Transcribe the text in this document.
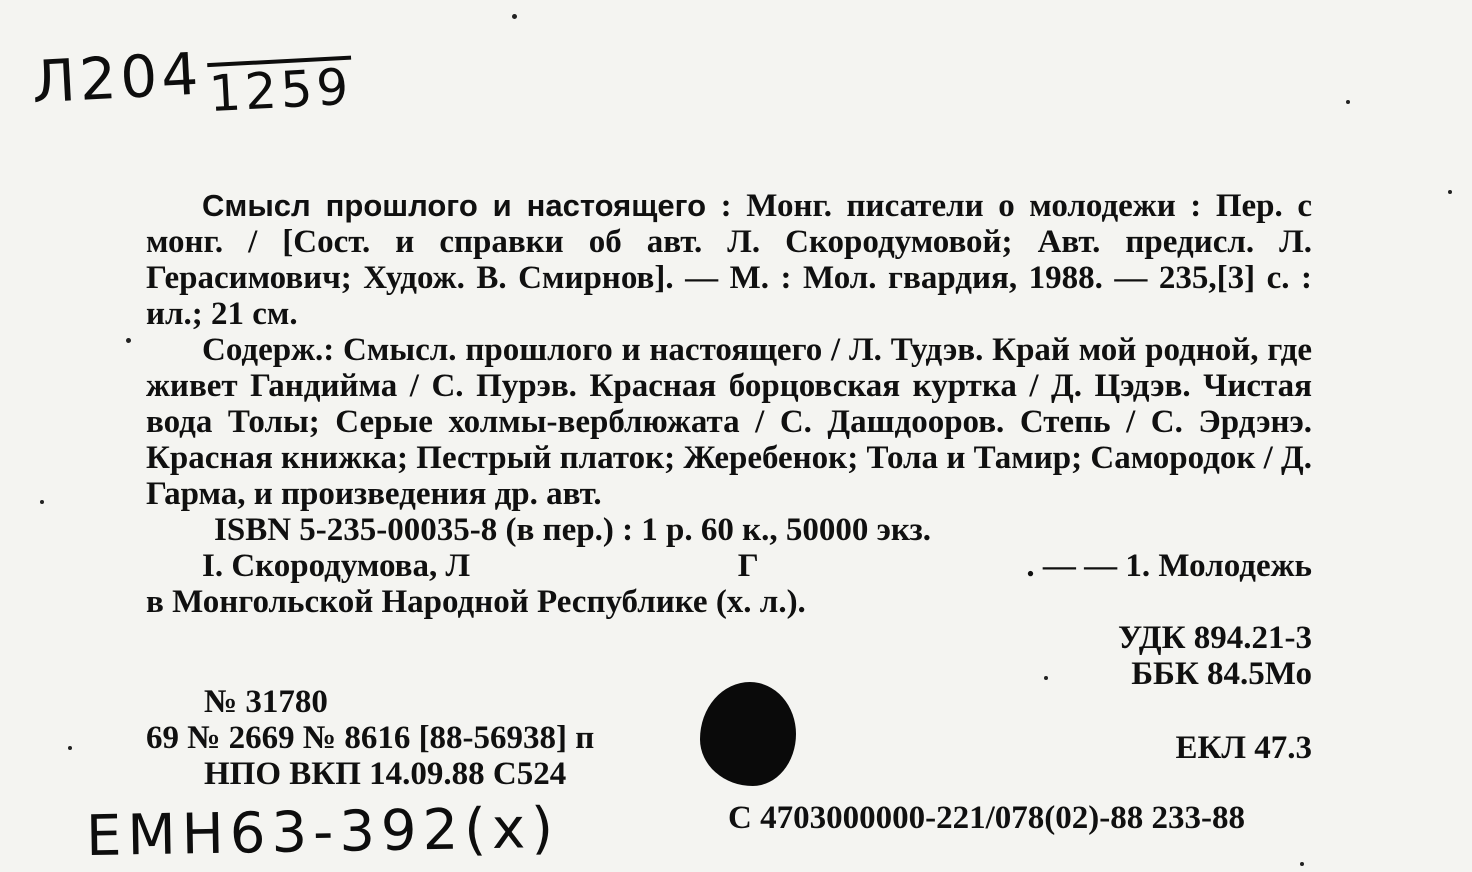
Л2041259

Смысл прошлого и настоящего : Монг. писатели о молодежи : Пер. с монг. / [Сост. и справки об авт. Л. Скородумовой; Авт. предисл. Л. Герасимович; Худож. В. Смирнов]. — М. : Мол. гвардия, 1988. — 235,[3] с. : ил.; 21 см.

Содерж.: Смысл. прошлого и настоящего / Л. Тудэв. Край мой родной, где живет Гандийма / С. Пурэв. Красная борцовская куртка / Д. Цэдэв. Чистая вода Толы; Серые холмы-верблюжата / С. Дашдооров. Степь / С. Эрдэнэ. Красная книжка; Пестрый платок; Жеребенок; Тола и Тамир; Самородок / Д. Гарма, и произведения др. авт.

ISBN 5-235-00035-8 (в пер.) : 1 р. 60 к., 50000 экз.
I. Скородумова, Л	Г	. — — 1. Молодежь
в Монгольской Народной Республике (х. л.).
УДК 894.21-3
ББК 84.5Мо
№ 31780
69 № 2669 № 8616 [88-56938] п
НПО ВКП 14.09.88 С524
ЕКЛ 47.3
С 4703000000-221/078(02)-88 233-88
EMH63-392(x)
